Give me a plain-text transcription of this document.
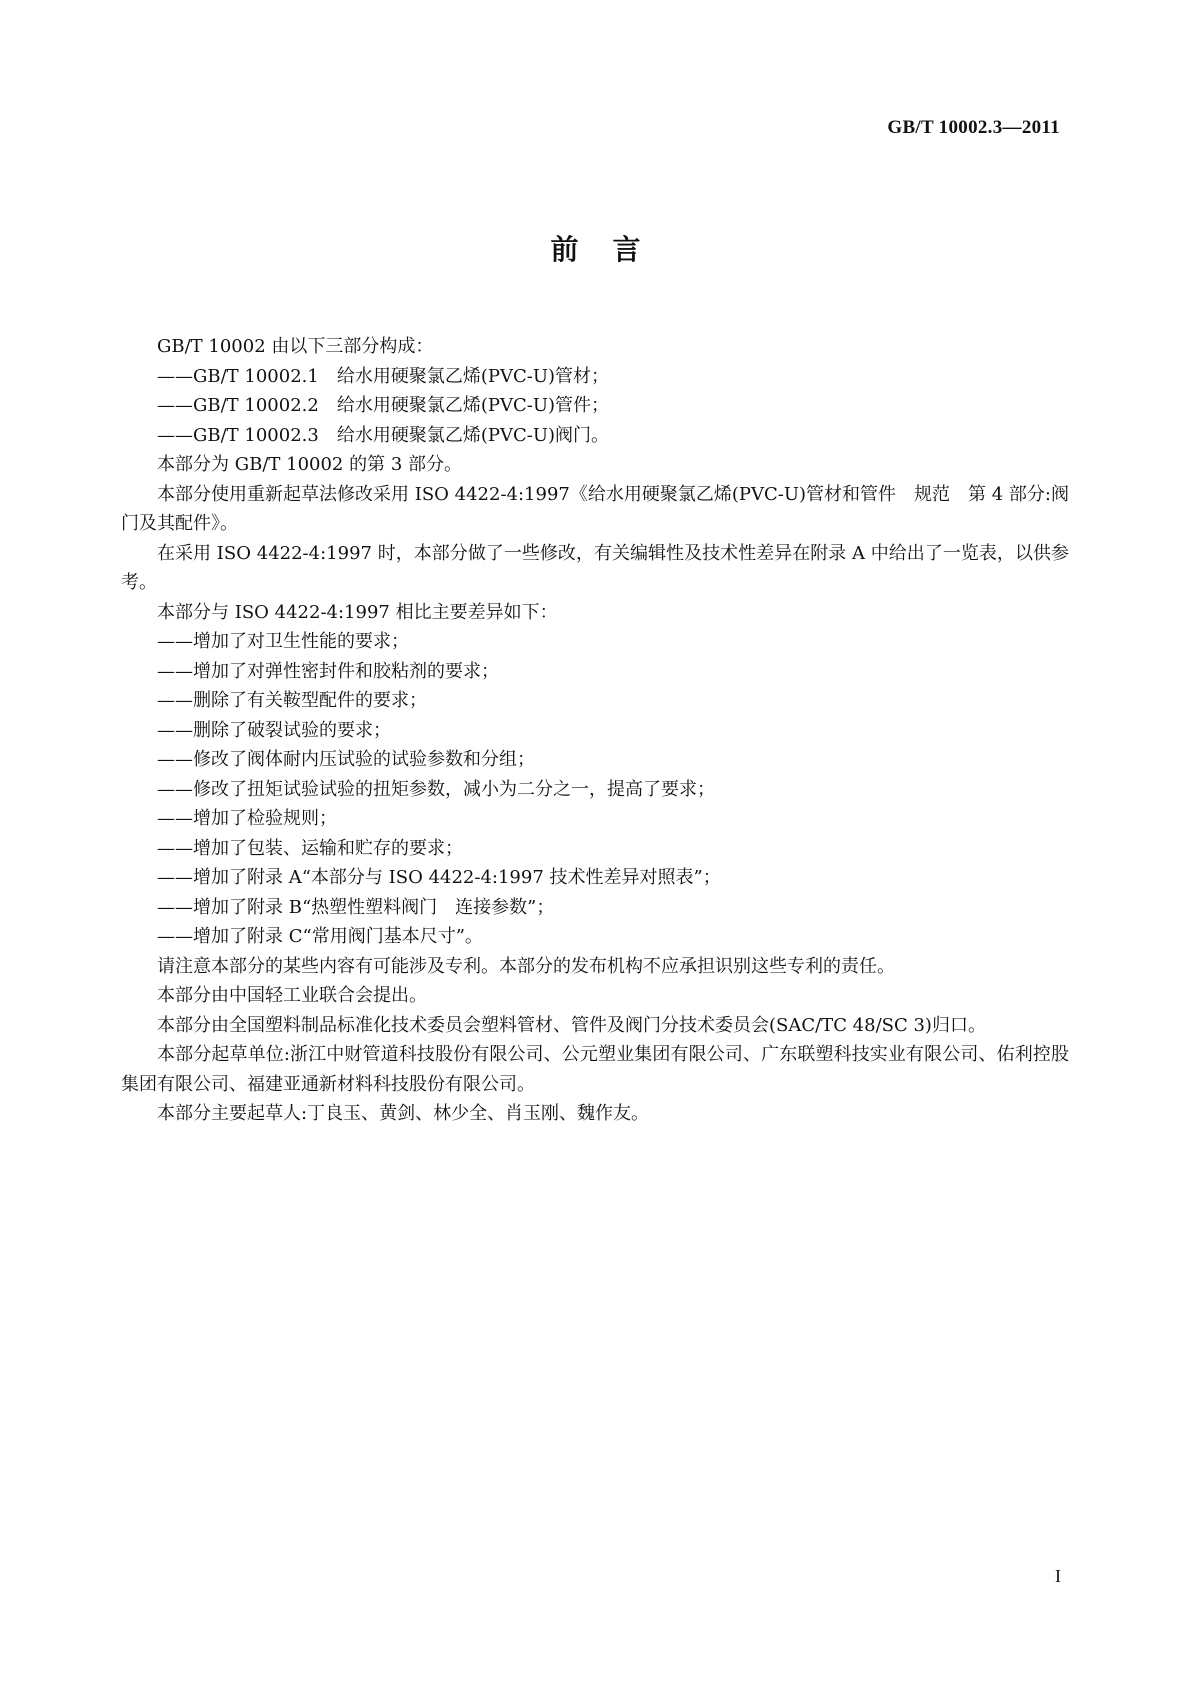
GB/T 10002.3—2011
前言

GB/T 10002 由以下三部分构成：

——GB/T 10002.1　给水用硬聚氯乙烯(PVC-U)管材；

——GB/T 10002.2　给水用硬聚氯乙烯(PVC-U)管件；

——GB/T 10002.3　给水用硬聚氯乙烯(PVC-U)阀门。

本部分为 GB/T 10002 的第 3 部分。

本部分使用重新起草法修改采用 ISO 4422-4:1997《给水用硬聚氯乙烯(PVC-U)管材和管件　规范　第 4 部分:阀门及其配件》。

在采用 ISO 4422-4:1997 时，本部分做了一些修改，有关编辑性及技术性差异在附录 A 中给出了一览表，以供参考。

本部分与 ISO 4422-4:1997 相比主要差异如下：

——增加了对卫生性能的要求；

——增加了对弹性密封件和胶粘剂的要求；

——删除了有关鞍型配件的要求；

——删除了破裂试验的要求；

——修改了阀体耐内压试验的试验参数和分组；

——修改了扭矩试验试验的扭矩参数，减小为二分之一，提高了要求；

——增加了检验规则；

——增加了包装、运输和贮存的要求；

——增加了附录 A“本部分与 ISO 4422-4:1997 技术性差异对照表”；

——增加了附录 B“热塑性塑料阀门　连接参数”；

——增加了附录 C“常用阀门基本尺寸”。

请注意本部分的某些内容有可能涉及专利。本部分的发布机构不应承担识别这些专利的责任。

本部分由中国轻工业联合会提出。

本部分由全国塑料制品标准化技术委员会塑料管材、管件及阀门分技术委员会(SAC/TC 48/SC 3)归口。

本部分起草单位:浙江中财管道科技股份有限公司、公元塑业集团有限公司、广东联塑科技实业有限公司、佑利控股集团有限公司、福建亚通新材料科技股份有限公司。

本部分主要起草人:丁良玉、黄剑、林少全、肖玉刚、魏作友。

I
